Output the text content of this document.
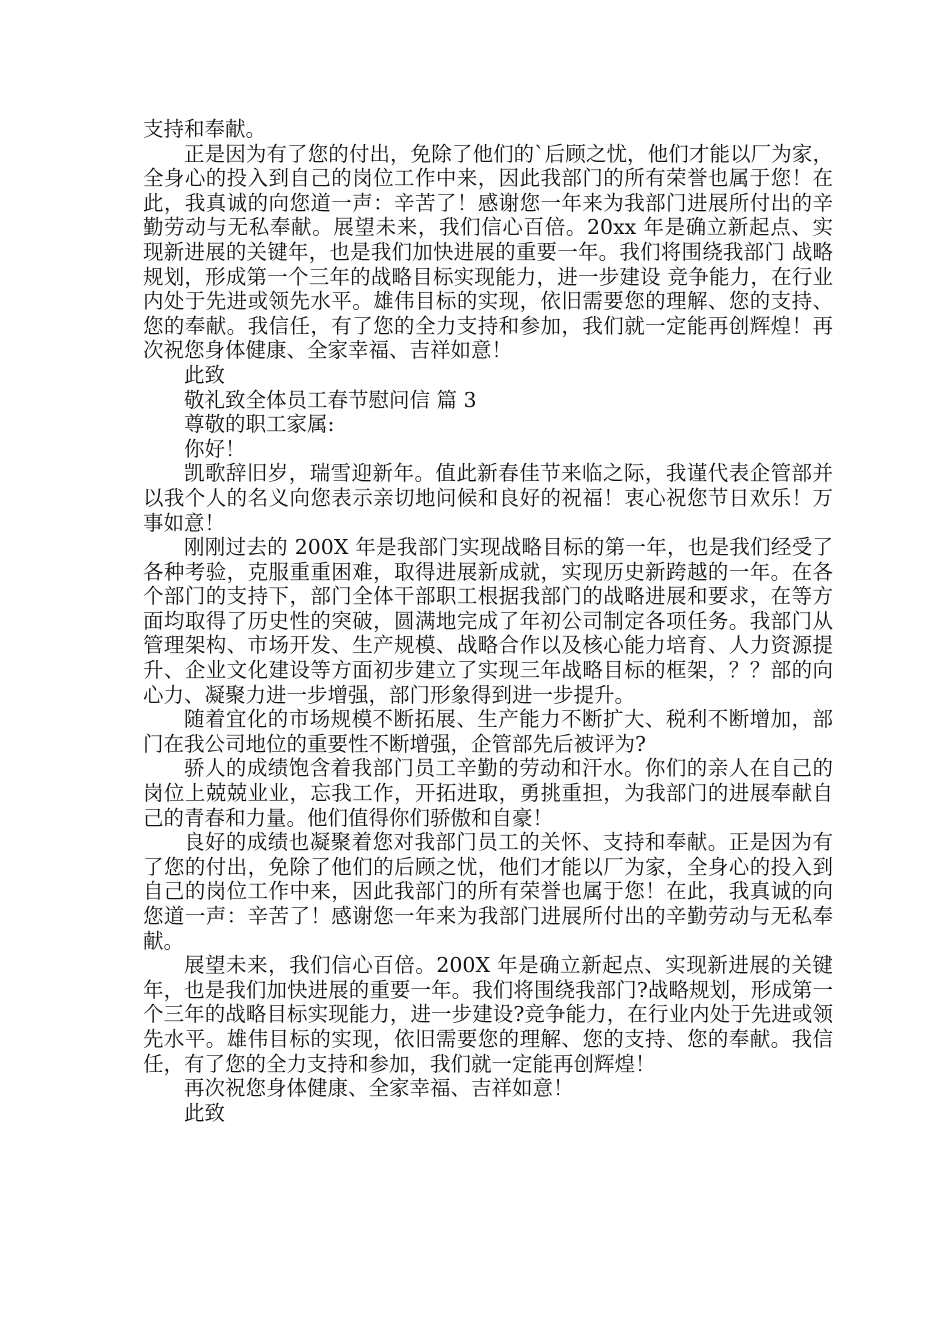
支持和奉献。

正是因为有了您的付出，免除了他们的`后顾之忧，他们才能以厂为家，全身心的投入到自己的岗位工作中来，因此我部门的所有荣誉也属于您！在此，我真诚的向您道一声：辛苦了！感谢您一年来为我部门进展所付出的辛勤劳动与无私奉献。展望未来，我们信心百倍。20xx 年是确立新起点、实现新进展的关键年，也是我们加快进展的重要一年。我们将围绕我部门 战略规划，形成第一个三年的战略目标实现能力，进一步建设 竞争能力，在行业内处于先进或领先水平。雄伟目标的实现，依旧需要您的理解、您的支持、您的奉献。我信任，有了您的全力支持和参加，我们就一定能再创辉煌！再次祝您身体健康、全家幸福、吉祥如意！

此致

敬礼致全体员工春节慰问信 篇 3

尊敬的职工家属:

你好！

凯歌辞旧岁，瑞雪迎新年。值此新春佳节来临之际，我谨代表企管部并以我个人的名义向您表示亲切地问候和良好的祝福！衷心祝您节日欢乐！万事如意！

刚刚过去的 200X 年是我部门实现战略目标的第一年，也是我们经受了各种考验，克服重重困难，取得进展新成就，实现历史新跨越的一年。在各个部门的支持下，部门全体干部职工根据我部门的战略进展和要求，在等方面均取得了历史性的突破，圆满地完成了年初公司制定各项任务。我部门从管理架构、市场开发、生产规模、战略合作以及核心能力培育、人力资源提升、企业文化建设等方面初步建立了实现三年战略目标的框架，？？部的向心力、凝聚力进一步增强，部门形象得到进一步提升。

随着宜化的市场规模不断拓展、生产能力不断扩大、税利不断增加，部门在我公司地位的重要性不断增强，企管部先后被评为?

骄人的成绩饱含着我部门员工辛勤的劳动和汗水。你们的亲人在自己的岗位上兢兢业业，忘我工作，开拓进取，勇挑重担，为我部门的进展奉献自己的青春和力量。他们值得你们骄傲和自豪！

良好的成绩也凝聚着您对我部门员工的关怀、支持和奉献。正是因为有了您的付出，免除了他们的后顾之忧，他们才能以厂为家，全身心的投入到自己的岗位工作中来，因此我部门的所有荣誉也属于您！在此，我真诚的向您道一声：辛苦了！感谢您一年来为我部门进展所付出的辛勤劳动与无私奉献。

展望未来，我们信心百倍。200X 年是确立新起点、实现新进展的关键年，也是我们加快进展的重要一年。我们将围绕我部门?战略规划，形成第一个三年的战略目标实现能力，进一步建设?竞争能力，在行业内处于先进或领先水平。雄伟目标的实现，依旧需要您的理解、您的支持、您的奉献。我信任，有了您的全力支持和参加，我们就一定能再创辉煌！

再次祝您身体健康、全家幸福、吉祥如意！

此致
